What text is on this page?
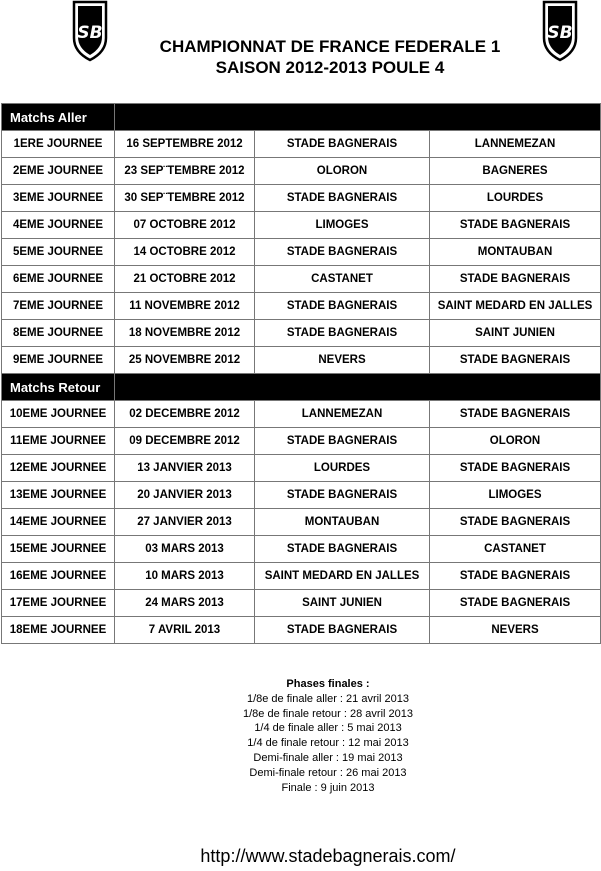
SB	SB
CHAMPIONNAT DE FRANCE FEDERALE 1
SAISON 2012-2013 POULE 4
Matchs Aller			
1ERE JOURNEE	16 SEPTEMBRE 2012	STADE BAGNERAIS	LANNEMEZAN
2EME JOURNEE	23 SEP¨TEMBRE 2012	OLORON	BAGNERES
3EME JOURNEE	30 SEP¨TEMBRE 2012	STADE BAGNERAIS	LOURDES
4EME JOURNEE	07 OCTOBRE 2012	LIMOGES	STADE BAGNERAIS
5EME JOURNEE	14 OCTOBRE 2012	STADE BAGNERAIS	MONTAUBAN
6EME JOURNEE	21 OCTOBRE 2012	CASTANET	STADE BAGNERAIS
7EME JOURNEE	11 NOVEMBRE 2012	STADE BAGNERAIS	SAINT MEDARD EN JALLES
8EME JOURNEE	18 NOVEMBRE 2012	STADE BAGNERAIS	SAINT JUNIEN
9EME JOURNEE	25 NOVEMBRE 2012	NEVERS	STADE BAGNERAIS
Matchs Retour			
10EME JOURNEE	02 DECEMBRE 2012	LANNEMEZAN	STADE BAGNERAIS
11EME JOURNEE	09 DECEMBRE 2012	STADE BAGNERAIS	OLORON
12EME JOURNEE	13 JANVIER 2013	LOURDES	STADE BAGNERAIS
13EME JOURNEE	20 JANVIER 2013	STADE BAGNERAIS	LIMOGES
14EME JOURNEE	27 JANVIER 2013	MONTAUBAN	STADE BAGNERAIS
15EME JOURNEE	03 MARS 2013	STADE BAGNERAIS	CASTANET
16EME JOURNEE	10 MARS 2013	SAINT MEDARD EN JALLES	STADE BAGNERAIS
17EME JOURNEE	24 MARS 2013	SAINT JUNIEN	STADE BAGNERAIS
18EME JOURNEE	7 AVRIL 2013	STADE BAGNERAIS	NEVERS
Phases finales :
1/8e de finale aller : 21 avril 2013
1/8e de finale retour : 28 avril 2013
1/4 de finale aller : 5 mai 2013
1/4 de finale retour : 12 mai 2013
Demi-finale aller : 19 mai 2013
Demi-finale retour : 26 mai 2013
Finale : 9 juin 2013
http://www.stadebagnerais.com/
